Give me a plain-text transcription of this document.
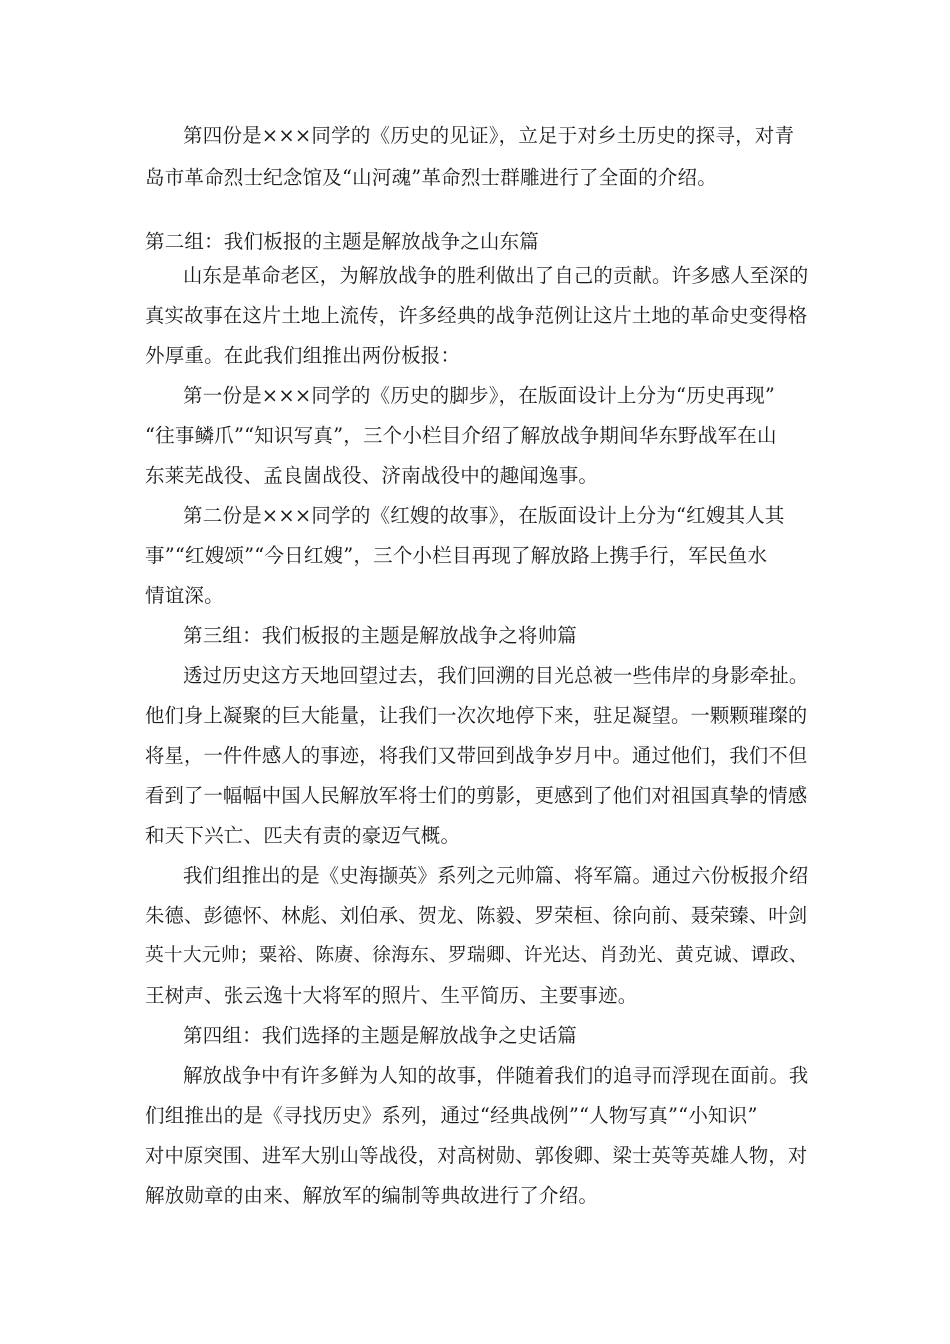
第四份是×××同学的《历史的见证》，立足于对乡土历史的探寻，对青
岛市革命烈士纪念馆及“山河魂”革命烈士群雕进行了全面的介绍。
第二组：我们板报的主题是解放战争之山东篇
山东是革命老区，为解放战争的胜利做出了自己的贡献。许多感人至深的
真实故事在这片土地上流传，许多经典的战争范例让这片土地的革命史变得格
外厚重。在此我们组推出两份板报：
第一份是×××同学的《历史的脚步》，在版面设计上分为“历史再现”
“往事鳞爪”“知识写真”，三个小栏目介绍了解放战争期间华东野战军在山
东莱芜战役、孟良崮战役、济南战役中的趣闻逸事。
第二份是×××同学的《红嫂的故事》，在版面设计上分为“红嫂其人其
事”“红嫂颂”“今日红嫂”，三个小栏目再现了解放路上携手行，军民鱼水
情谊深。
第三组：我们板报的主题是解放战争之将帅篇
透过历史这方天地回望过去，我们回溯的目光总被一些伟岸的身影牵扯。
他们身上凝聚的巨大能量，让我们一次次地停下来，驻足凝望。一颗颗璀璨的
将星，一件件感人的事迹，将我们又带回到战争岁月中。通过他们，我们不但
看到了一幅幅中国人民解放军将士们的剪影，更感到了他们对祖国真挚的情感
和天下兴亡、匹夫有责的豪迈气概。
我们组推出的是《史海撷英》系列之元帅篇、将军篇。通过六份板报介绍
朱德、彭德怀、林彪、刘伯承、贺龙、陈毅、罗荣桓、徐向前、聂荣臻、叶剑
英十大元帅；粟裕、陈赓、徐海东、罗瑞卿、许光达、肖劲光、黄克诚、谭政、
王树声、张云逸十大将军的照片、生平简历、主要事迹。
第四组：我们选择的主题是解放战争之史话篇
解放战争中有许多鲜为人知的故事，伴随着我们的追寻而浮现在面前。我
们组推出的是《寻找历史》系列，通过“经典战例”“人物写真”“小知识”
对中原突围、进军大别山等战役，对高树勋、郭俊卿、梁士英等英雄人物，对
解放勋章的由来、解放军的编制等典故进行了介绍。
